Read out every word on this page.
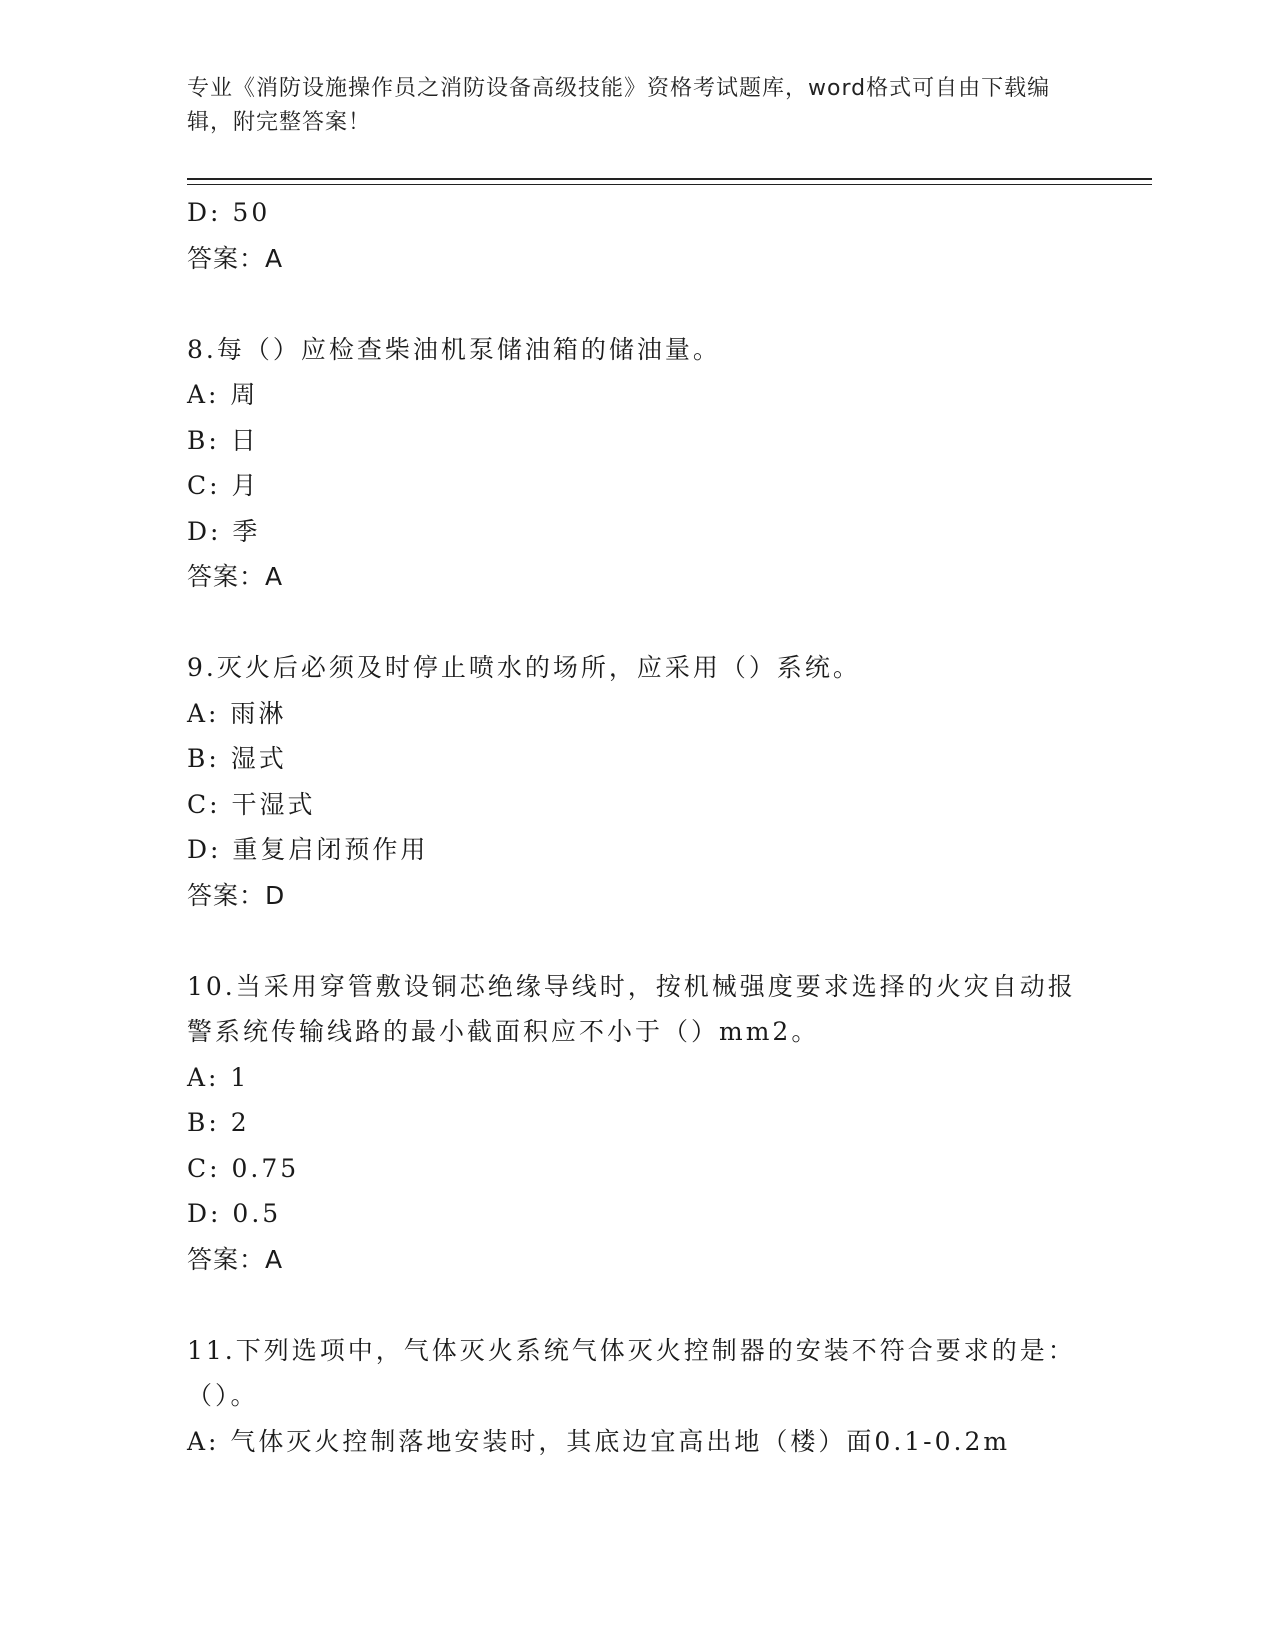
专业《消防设施操作员之消防设备高级技能》资格考试题库，word格式可自由下载编辑，附完整答案！
D: 50
答案：A
8.每（）应检查柴油机泵储油箱的储油量。
A: 周
B: 日
C: 月
D: 季
答案：A
9.灭火后必须及时停止喷水的场所，应采用（）系统。
A: 雨淋
B: 湿式
C: 干湿式
D: 重复启闭预作用
答案：D
10.当采用穿管敷设铜芯绝缘导线时，按机械强度要求选择的火灾自动报警系统传输线路的最小截面积应不小于（）mm2。
A: 1
B: 2
C: 0.75
D: 0.5
答案：A
11.下列选项中，气体灭火系统气体灭火控制器的安装不符合要求的是：（）。
A: 气体灭火控制落地安装时，其底边宜高出地（楼）面0.1-0.2m
